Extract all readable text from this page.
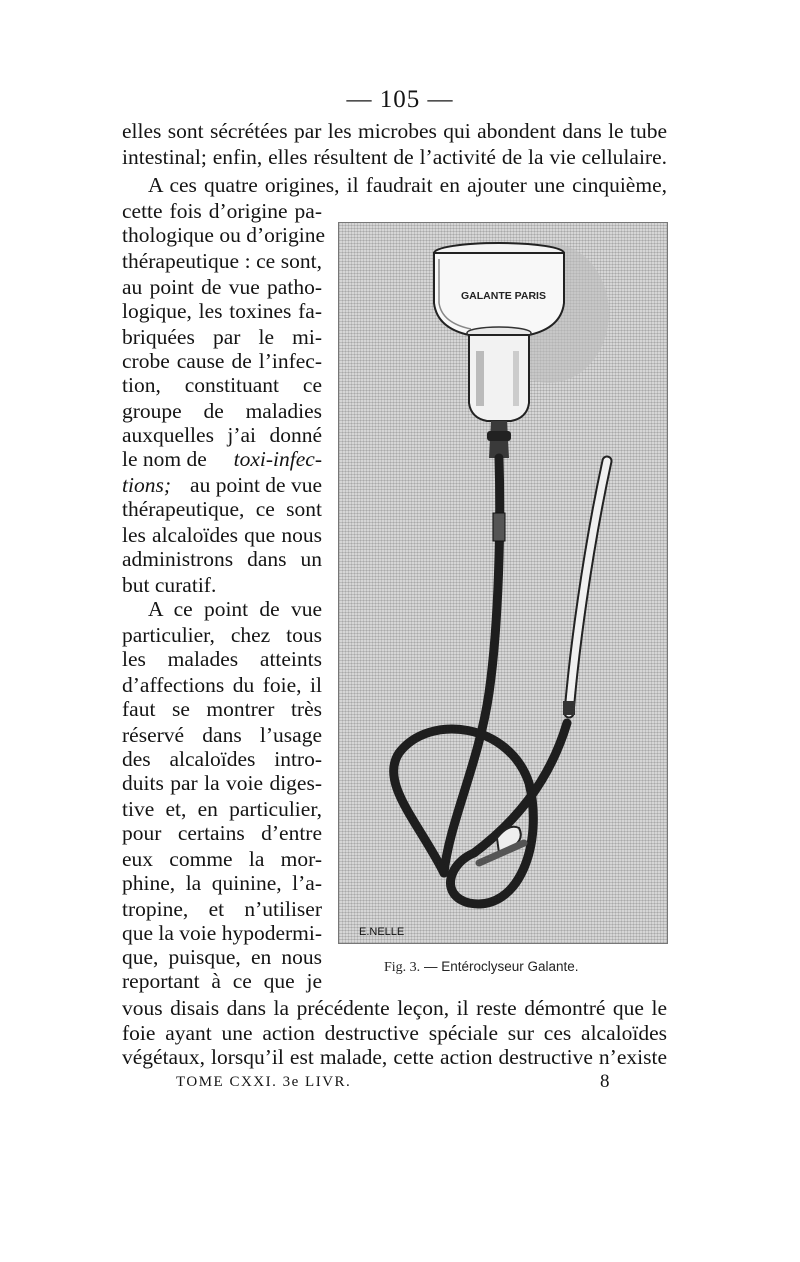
— 105 —
elles sont sécrétées par les microbes qui abondent dans le tube
intestinal; enfin, elles résultent de l’activité de la vie cellulaire.
A ces quatre origines, il faudrait en ajouter une cinquième,
cette fois d’origine pa-
thologique ou d’origine
thérapeutique : ce sont,
au point de vue patho-
logique, les toxines fa-
briquées par le mi-
crobe cause de l’infec-
tion, constituant ce
groupe de maladies
auxquelles j’ai donné
le nom de toxi-infec-
tions; au point de vue
thérapeutique, ce sont
les alcaloïdes que nous
administrons dans un
but curatif.
A ce point de vue
particulier, chez tous
les malades atteints
d’affections du foie, il
faut se montrer très
réservé dans l’usage
des alcaloïdes intro-
duits par la voie diges-
tive et, en particulier,
pour certains d’entre
eux comme la mor-
phine, la quinine, l’a-
tropine, et n’utiliser
que la voie hypodermi-
que, puisque, en nous
reportant à ce que je
GALANTE PARIS
E.NELLE
Fig. 3. — Entéroclyseur Galante.
vous disais dans la précédente leçon, il reste démontré que le
foie ayant une action destructive spéciale sur ces alcaloïdes
végétaux, lorsqu’il est malade, cette action destructive n’existe
TOME CXXI. 3e LIVR.	8
